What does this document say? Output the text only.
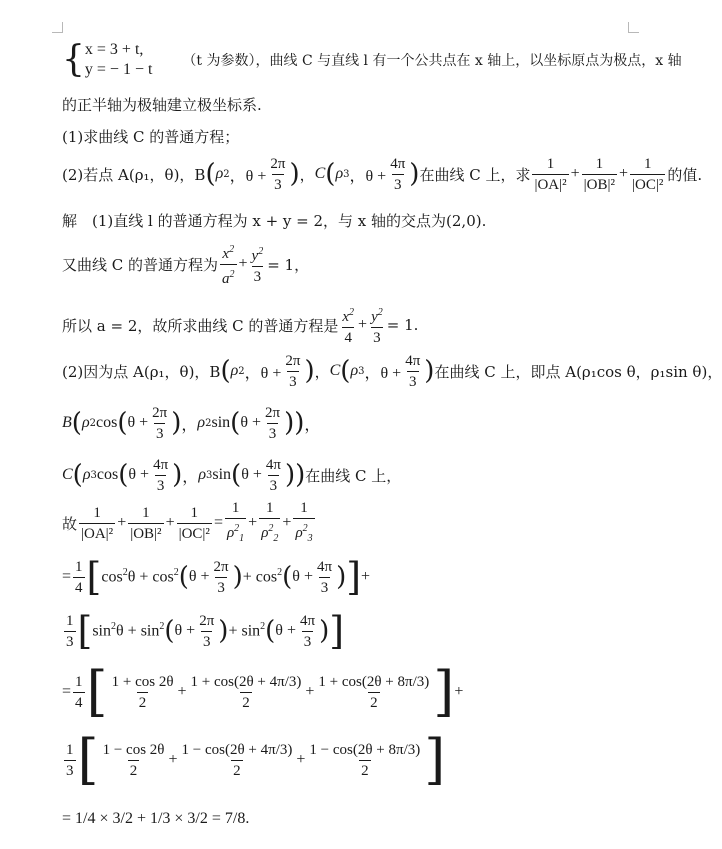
{ x = 3 + t,
y = − 1 − t （t 为参数），曲线 C 与直线 l 有一个公共点在 x 轴上，以坐标原点为极点，x 轴
的正半轴为极轴建立极坐标系.
(1)求曲线 C 的普通方程；
(2)若点 A(ρ₁，θ)，B ( ρ 2 ，$\theta + \frac{2\pi}{3}$ ) ， C ( ρ 3 ，$\theta + \frac{4\pi}{3}$ ) 在曲线 C 上，求 $\frac{1}{\text{|OA|²}} + \frac{1}{\text{|OB|²}} + \frac{1}{\text{|OC|²}}$ 的值.
解　(1)直线 l 的普通方程为 x + y = 2，与 x 轴的交点为(2,0).
又曲线 C 的普通方程为 $\frac{x^2}{a^2} + \frac{y^2}{3} = 1$，
所以 a = 2，故所求曲线 C 的普通方程是 $\frac{x^2}{4} + \frac{y^2}{3} = 1$.
(2)因为点 A(ρ₁，θ)，B ( ρ 2 ，$\theta + \frac{2\pi}{3}$ ) ， C ( ρ 3 ，$\theta + \frac{4\pi}{3}$ ) 在曲线 C 上，即点 A(ρ₁cos θ，ρ₁sin θ)，
B ( ρ 2 cos ( $\theta + \frac{2\pi}{3}$ ) ， ρ 2 sin ( $\theta + \frac{2\pi}{3}$ )) ，
C ( ρ 3 cos ( $\theta + \frac{4\pi}{3}$ ) ， ρ 3 sin ( $\theta + \frac{4\pi}{3}$ )) 在曲线 C 上，
故 $\frac{1}{\text{|OA|²}} + \frac{1}{\text{|OB|²}} + \frac{1}{\text{|OC|²}} = \frac{1}{\rho^2_1} + \frac{1}{\rho^2_2} + \frac{1}{\rho^2_3}$
= $\frac{1}{4}$ [ $\cos^2\theta + \cos^2$ ( $\theta + \frac{2\pi}{3}$ ) + $\cos^2$ ( $\theta + \frac{4\pi}{3}$ ) ] +
$\frac{1}{3}$ [ $\sin^2\theta + \sin^2$ ( $\theta + \frac{2\pi}{3}$ ) + $\sin^2$ ( $\theta + \frac{4\pi}{3}$ ) ]
= $\frac{1}{4}$ [ $\frac{1 + \cos 2\theta}{2} + \frac{1 + \cos(2\theta + 4\pi/3)}{2} + \frac{1 + \cos(2\theta + 8\pi/3)}{2}$ ] +
$\frac{1}{3}$ [ $\frac{1 - \cos 2\theta}{2} + \frac{1 - \cos(2\theta + 4\pi/3)}{2} + \frac{1 - \cos(2\theta + 8\pi/3)}{2}$ ]
= 1/4 × 3/2 + 1/3 × 3/2 = 7/8.
